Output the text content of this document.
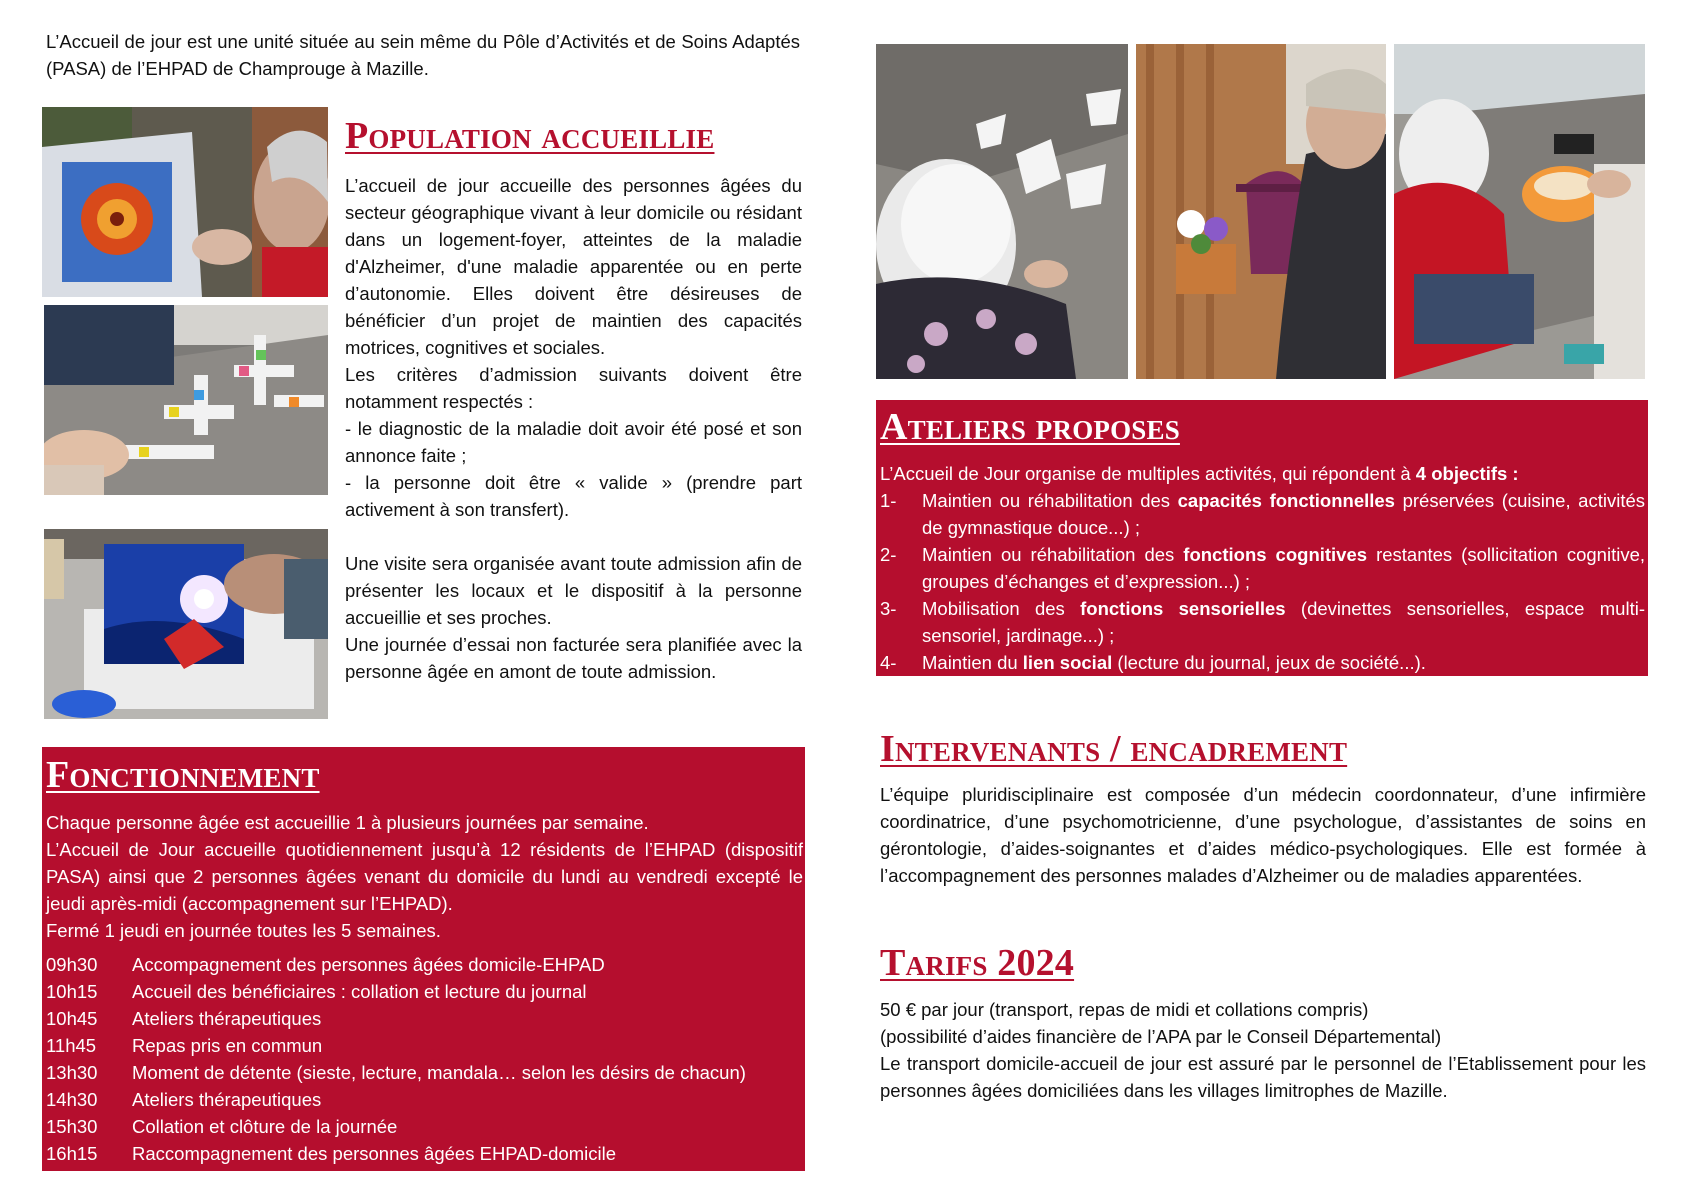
L’Accueil de jour est une unité située au sein même du Pôle d’Activités et de Soins Adaptés (PASA) de l’EHPAD de Champrouge à Mazille.

Population accueillie

L’accueil de jour accueille des personnes âgées du secteur géographique vivant à leur domicile ou résidant dans un logement-foyer, atteintes de la maladie d'Alzheimer, d'une maladie apparentée ou en perte d’autonomie. Elles doivent être désireuses de bénéficier d’un projet de maintien des capacités motrices, cognitives et sociales.

Les critères d’admission suivants doivent être notamment respectés :

- le diagnostic de la maladie doit avoir été posé et son annonce faite ;

- la personne doit être « valide » (prendre part activement à son transfert).

Une visite sera organisée avant toute admission afin de présenter les locaux et le dispositif à la personne accueillie et ses proches.

Une journée d’essai non facturée sera planifiée avec la personne âgée en amont de toute admission.

Fonctionnement

Chaque personne âgée est accueillie 1 à plusieurs journées par semaine.

L’Accueil de Jour accueille quotidiennement jusqu’à 12 résidents de l’EHPAD (dispositif PASA) ainsi que 2 personnes âgées venant du domicile du lundi au vendredi excepté le jeudi après-midi (accompagnement sur l’EHPAD).

Fermé 1 jeudi en journée toutes les 5 semaines.

09h30	Accompagnement des personnes âgées domicile-EHPAD
10h15	Accueil des bénéficiaires : collation et lecture du journal
10h45	Ateliers thérapeutiques
11h45	Repas pris en commun
13h30	Moment de détente (sieste, lecture, mandala… selon les désirs de chacun)
14h30	Ateliers thérapeutiques
15h30	Collation et clôture de la journée
16h15	Raccompagnement des personnes âgées EHPAD-domicile
Ateliers proposes

L’Accueil de Jour organise de multiples activités, qui répondent à 4 objectifs :

1-	Maintien ou réhabilitation des capacités fonctionnelles préservées (cuisine, activités de gymnastique douce...) ;
2-	Maintien ou réhabilitation des fonctions cognitives restantes (sollicitation cognitive, groupes d’échanges et d’expression...) ;
3-	Mobilisation des fonctions sensorielles (devinettes sensorielles, espace multi-sensoriel, jardinage...) ;
4-	Maintien du lien social (lecture du journal, jeux de société...).
Intervenants / encadrement

L’équipe pluridisciplinaire est composée d’un médecin coordonnateur, d’une infirmière coordinatrice, d’une psychomotricienne, d’une psychologue, d’assistantes de soins en gérontologie, d’aides-soignantes et d’aides médico-psychologiques. Elle est formée à l’accompagnement des personnes malades d’Alzheimer ou de maladies apparentées.

Tarifs 2024

50 € par jour (transport, repas de midi et collations compris)

(possibilité d’aides financière de l’APA par le Conseil Départemental)

Le transport domicile-accueil de jour est assuré par le personnel de l’Etablissement pour les personnes âgées domiciliées dans les villages limitrophes de Mazille.
